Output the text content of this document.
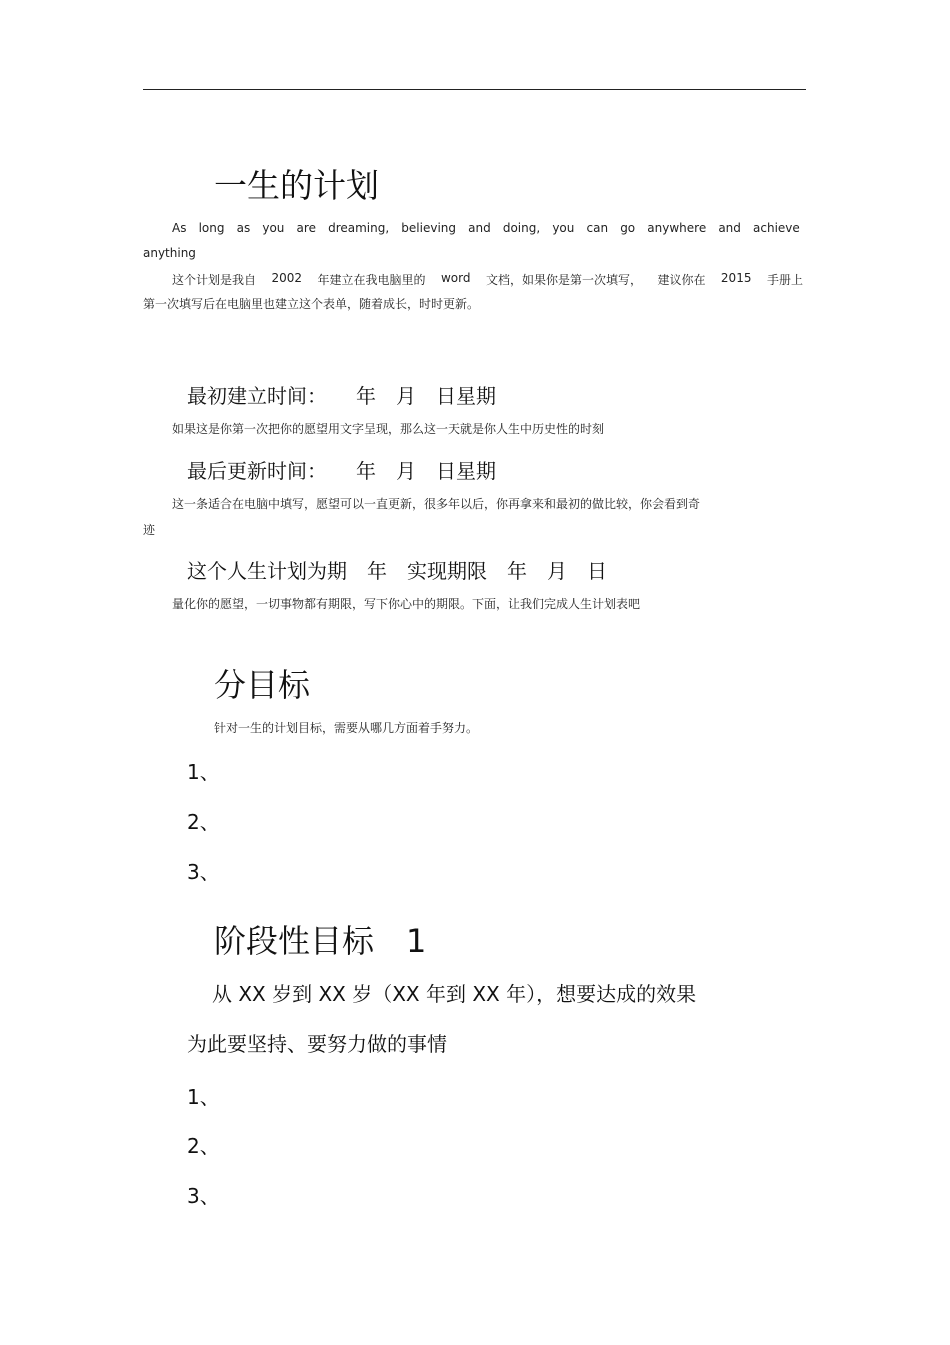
一生的计划
As long as you are dreaming, believing and doing, you can go anywhere and achieve
anything
这个计划是我自 2002 年建立在我电脑里的 word 文档，如果你是第一次填写， 建议你在 2015 手册上
第一次填写后在电脑里也建立这个表单，随着成长，时时更新。
最初建立时间： 年　月　日星期
如果这是你第一次把你的愿望用文字呈现，那么这一天就是你人生中历史性的时刻
最后更新时间： 年　月　日星期
这一条适合在电脑中填写，愿望可以一直更新，很多年以后，你再拿来和最初的做比较，你会看到奇
迹
这个人生计划为期　年　实现期限　年　月　日
量化你的愿望，一切事物都有期限，写下你心中的期限。下面，让我们完成人生计划表吧
分目标
针对一生的计划目标，需要从哪几方面着手努力。
1、
2、
3、
阶段性目标　1
从 XX 岁到 XX 岁（XX 年到 XX 年），想要达成的效果
为此要坚持、要努力做的事情
1、
2、
3、
